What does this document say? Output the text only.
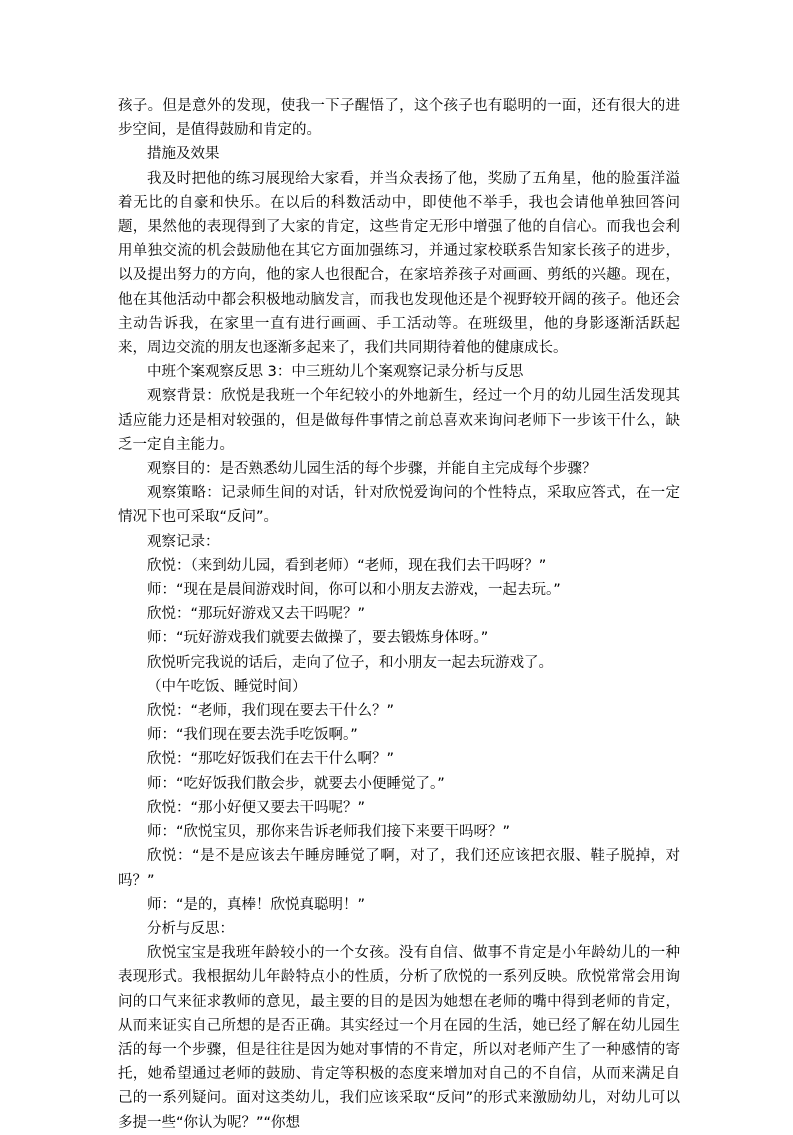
孩子。但是意外的发现，使我一下子醒悟了，这个孩子也有聪明的一面，还有很大的进步空间，是值得鼓励和肯定的。

措施及效果

我及时把他的练习展现给大家看，并当众表扬了他，奖励了五角星，他的脸蛋洋溢着无比的自豪和快乐。在以后的科数活动中，即使他不举手，我也会请他单独回答问题，果然他的表现得到了大家的肯定，这些肯定无形中增强了他的自信心。而我也会利用单独交流的机会鼓励他在其它方面加强练习，并通过家校联系告知家长孩子的进步，以及提出努力的方向，他的家人也很配合，在家培养孩子对画画、剪纸的兴趣。现在，他在其他活动中都会积极地动脑发言，而我也发现他还是个视野较开阔的孩子。他还会主动告诉我，在家里一直有进行画画、手工活动等。在班级里，他的身影逐渐活跃起来，周边交流的朋友也逐渐多起来了，我们共同期待着他的健康成长。

中班个案观察反思 3：中三班幼儿个案观察记录分析与反思

观察背景：欣悦是我班一个年纪较小的外地新生，经过一个月的幼儿园生活发现其适应能力还是相对较强的，但是做每件事情之前总喜欢来询问老师下一步该干什么，缺乏一定自主能力。

观察目的：是否熟悉幼儿园生活的每个步骤，并能自主完成每个步骤？

观察策略：记录师生间的对话，针对欣悦爱询问的个性特点，采取应答式，在一定情况下也可采取“反问”。

观察记录：

欣悦：（来到幼儿园，看到老师）“老师，现在我们去干吗呀？”

师：“现在是晨间游戏时间，你可以和小朋友去游戏，一起去玩。”

欣悦：“那玩好游戏又去干吗呢？”

师：“玩好游戏我们就要去做操了，要去锻炼身体呀。”

欣悦听完我说的话后，走向了位子，和小朋友一起去玩游戏了。

（中午吃饭、睡觉时间）

欣悦：“老师，我们现在要去干什么？”

师：“我们现在要去洗手吃饭啊。”

欣悦：“那吃好饭我们在去干什么啊？”

师：“吃好饭我们散会步，就要去小便睡觉了。”

欣悦：“那小好便又要去干吗呢？”

师：“欣悦宝贝，那你来告诉老师我们接下来要干吗呀？”

欣悦：“是不是应该去午睡房睡觉了啊，对了，我们还应该把衣服、鞋子脱掉，对吗？”

师：“是的，真棒！欣悦真聪明！”

分析与反思：

欣悦宝宝是我班年龄较小的一个女孩。没有自信、做事不肯定是小年龄幼儿的一种表现形式。我根据幼儿年龄特点小的性质，分析了欣悦的一系列反映。欣悦常常会用询问的口气来征求教师的意见，最主要的目的是因为她想在老师的嘴中得到老师的肯定，从而来证实自己所想的是否正确。其实经过一个月在园的生活，她已经了解在幼儿园生活的每一个步骤，但是往往是因为她对事情的不肯定，所以对老师产生了一种感情的寄托，她希望通过老师的鼓励、肯定等积极的态度来增加对自己的不自信，从而来满足自己的一系列疑问。面对这类幼儿，我们应该采取“反问”的形式来激励幼儿，对幼儿可以多提一些“你认为呢？”“你想
